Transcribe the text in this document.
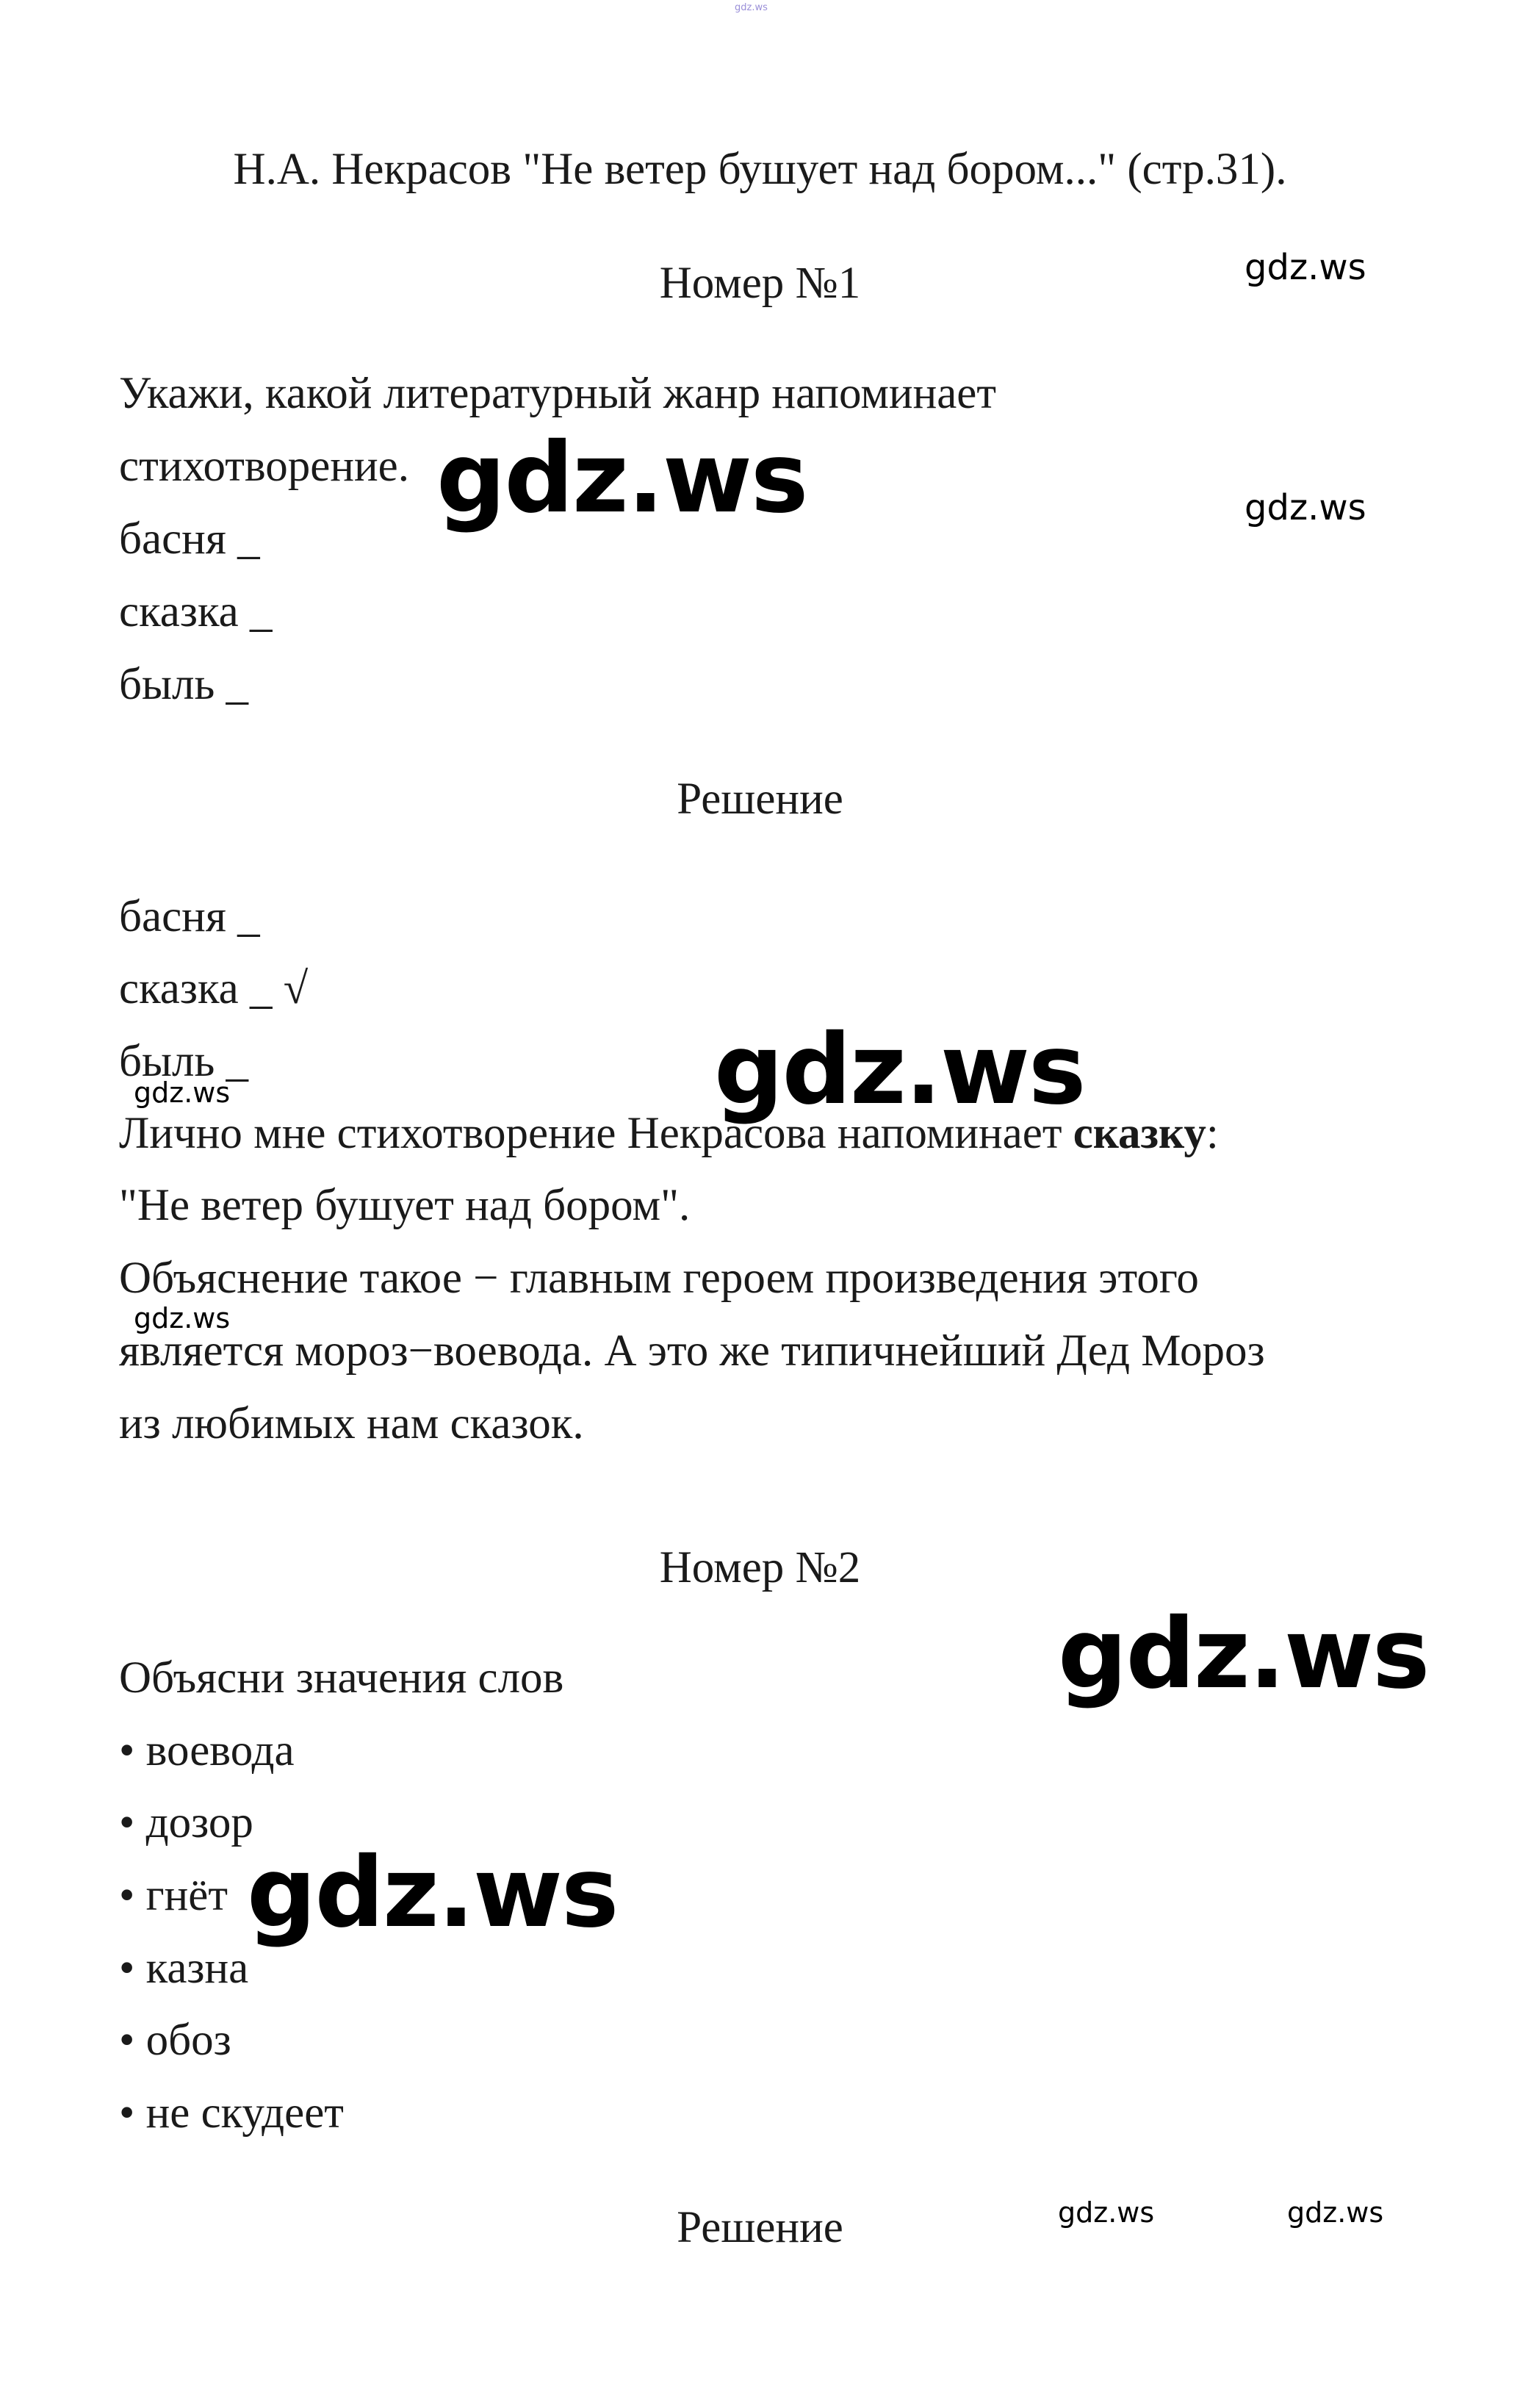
gdz.ws
Н.А. Некрасов "Не ветер бушует над бором..." (стр.31).
Номер №1	gdz.ws
Укажи, какой литературный жанр напоминает
стихотворение. gdz.ws	gdz.ws
басня _
сказка _
быль _
Решение
басня _
сказка _ √
быль _	gdz.ws
gdz.ws
Лично мне стихотворение Некрасова напоминает сказку:
"Не ветер бушует над бором".
Объяснение такое − главным героем произведения этого
gdz.ws
является мороз−воевода. А это же типичнейший Дед Мороз
из любимых нам сказок.
Номер №2
gdz.ws
Объясни значения слов
• воевода
• дозор
• гнёт gdz.ws
• казна
• обоз
• не скудеет
Решение	gdz.ws	gdz.ws
